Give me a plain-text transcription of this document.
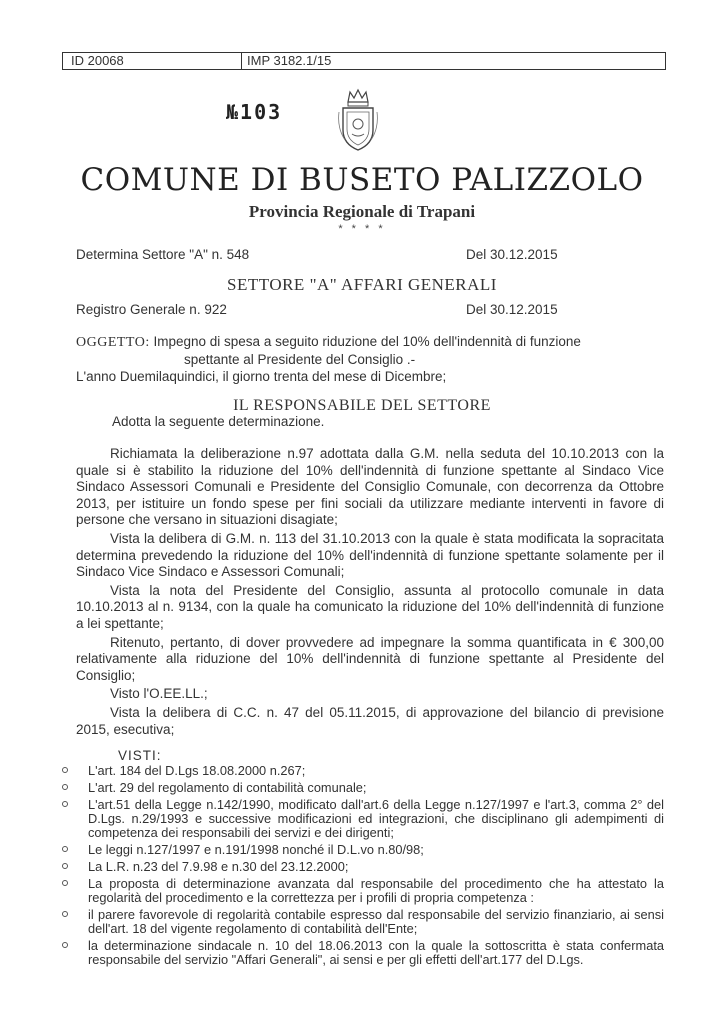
ID 20068	IMP 3182.1/15
№103
COMUNE DI BUSETO PALIZZOLO
Provincia Regionale di Trapani
* * * *
Determina Settore "A" n. 548	Del 30.12.2015
SETTORE "A" AFFARI GENERALI
Registro Generale n. 922	Del 30.12.2015
OGGETTO: Impegno di spesa a seguito riduzione del 10% dell'indennità di funzione
spettante al Presidente del Consiglio .-
L'anno Duemilaquindici, il giorno trenta del mese di Dicembre;
IL RESPONSABILE DEL SETTORE
Adotta la seguente determinazione.

Richiamata la deliberazione n.97 adottata dalla G.M. nella seduta del 10.10.2013 con la quale si è stabilito la riduzione del 10% dell'indennità di funzione spettante al Sindaco Vice Sindaco Assessori Comunali e Presidente del Consiglio Comunale, con decorrenza da Ottobre 2013, per istituire un fondo spese per fini sociali da utilizzare mediante interventi in favore di persone che versano in situazioni disagiate;

Vista la delibera di G.M. n. 113 del 31.10.2013 con la quale è stata modificata la sopracitata determina prevedendo la riduzione del 10% dell'indennità di funzione spettante solamente per il Sindaco Vice Sindaco e Assessori Comunali;

Vista la nota del Presidente del Consiglio, assunta al protocollo comunale in data 10.10.2013 al n. 9134, con la quale ha comunicato la riduzione del 10% dell'indennità di funzione a lei spettante;

Ritenuto, pertanto, di dover provvedere ad impegnare la somma quantificata in € 300,00 relativamente alla riduzione del 10% dell'indennità di funzione spettante al Presidente del Consiglio;

Visto l'O.EE.LL.;

Vista la delibera di C.C. n. 47 del 05.11.2015, di approvazione del bilancio di previsione 2015, esecutiva;

VISTI:
L'art. 184 del D.Lgs 18.08.2000 n.267;
L'art. 29 del regolamento di contabilità comunale;
L'art.51 della Legge n.142/1990, modificato dall'art.6 della Legge n.127/1997 e l'art.3, comma 2° del D.Lgs. n.29/1993 e successive modificazioni ed integrazioni, che disciplinano gli adempimenti di competenza dei responsabili dei servizi e dei dirigenti;
Le leggi n.127/1997 e n.191/1998 nonché il D.L.vo n.80/98;
La L.R. n.23 del 7.9.98 e n.30 del 23.12.2000;
La proposta di determinazione avanzata dal responsabile del procedimento che ha attestato la regolarità del procedimento e la correttezza per i profili di propria competenza :
il parere favorevole di regolarità contabile espresso dal responsabile del servizio finanziario, ai sensi dell'art. 18 del vigente regolamento di contabilità dell'Ente;
la determinazione sindacale n. 10 del 18.06.2013 con la quale la sottoscritta è stata confermata responsabile del servizio "Affari Generali", ai sensi e per gli effetti dell'art.177 del D.Lgs.
